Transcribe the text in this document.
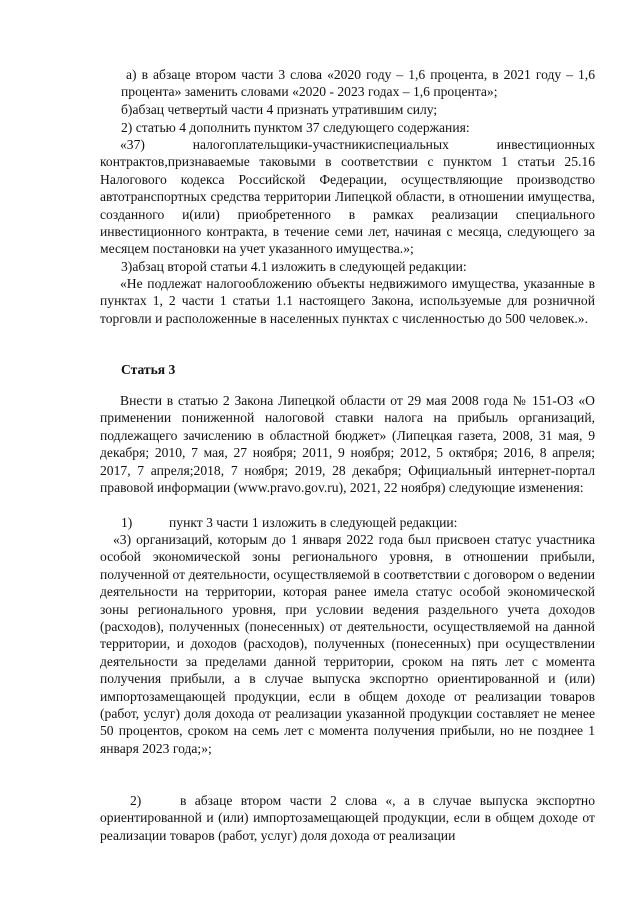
а) в абзаце втором части 3 слова «2020 году – 1,6 процента, в 2021 году – 1,6 процента» заменить словами «2020 - 2023 годах – 1,6 процента»;

б)абзац четвертый части 4 признать утратившим силу;

2) статью 4 дополнить пунктом 37 следующего содержания:

«37) налогоплательщики-участникиспециальных инвестиционных контрактов,признаваемые таковыми в соответствии с пунктом 1 статьи 25.16 Налогового кодекса Российской Федерации, осуществляющие производство автотранспортных средства территории Липецкой области, в отношении имущества, созданного и(или) приобретенного в рамках реализации специального инвестиционного контракта, в течение семи лет, начиная с месяца, следующего за месяцем постановки на учет указанного имущества.»;

3)абзац второй статьи 4.1 изложить в следующей редакции:

«Не подлежат налогообложению объекты недвижимого имущества, указанные в пунктах 1, 2 части 1 статьи 1.1 настоящего Закона, используемые для розничной торговли и расположенные в населенных пунктах с численностью до 500 человек.».

Статья 3

Внести в статью 2 Закона Липецкой области от 29 мая 2008 года № 151-ОЗ «О применении пониженной налоговой ставки налога на прибыль организаций, подлежащего зачислению в областной бюджет» (Липецкая газета, 2008, 31 мая, 9 декабря; 2010, 7 мая, 27 ноября; 2011, 9 ноября; 2012, 5 октября; 2016, 8 апреля; 2017, 7 апреля;2018, 7 ноября; 2019, 28 декабря; Официальный интернет-портал правовой информации (www.pravo.gov.ru), 2021, 22 ноября) следующие изменения:

1)	пункт 3 части 1 изложить в следующей редакции:

«3) организаций, которым до 1 января 2022 года был присвоен статус участника особой экономической зоны регионального уровня, в отношении прибыли, полученной от деятельности, осуществляемой в соответствии с договором о ведении деятельности на территории, которая ранее имела статус особой экономической зоны регионального уровня, при условии ведения раздельного учета доходов (расходов), полученных (понесенных) от деятельности, осуществляемой на данной территории, и доходов (расходов), полученных (понесенных) при осуществлении деятельности за пределами данной территории, сроком на пять лет с момента получения прибыли, а в случае выпуска экспортно ориентированной и (или) импортозамещающей продукции, если в общем доходе от реализации товаров (работ, услуг) доля дохода от реализации указанной продукции составляет не менее 50 процентов, сроком на семь лет с момента получения прибыли, но не позднее 1 января 2023 года;»;

2)	в абзаце втором части 2 слова «, а в случае выпуска экспортно ориентированной и (или) импортозамещающей продукции, если в общем доходе от реализации товаров (работ, услуг) доля дохода от реализации
